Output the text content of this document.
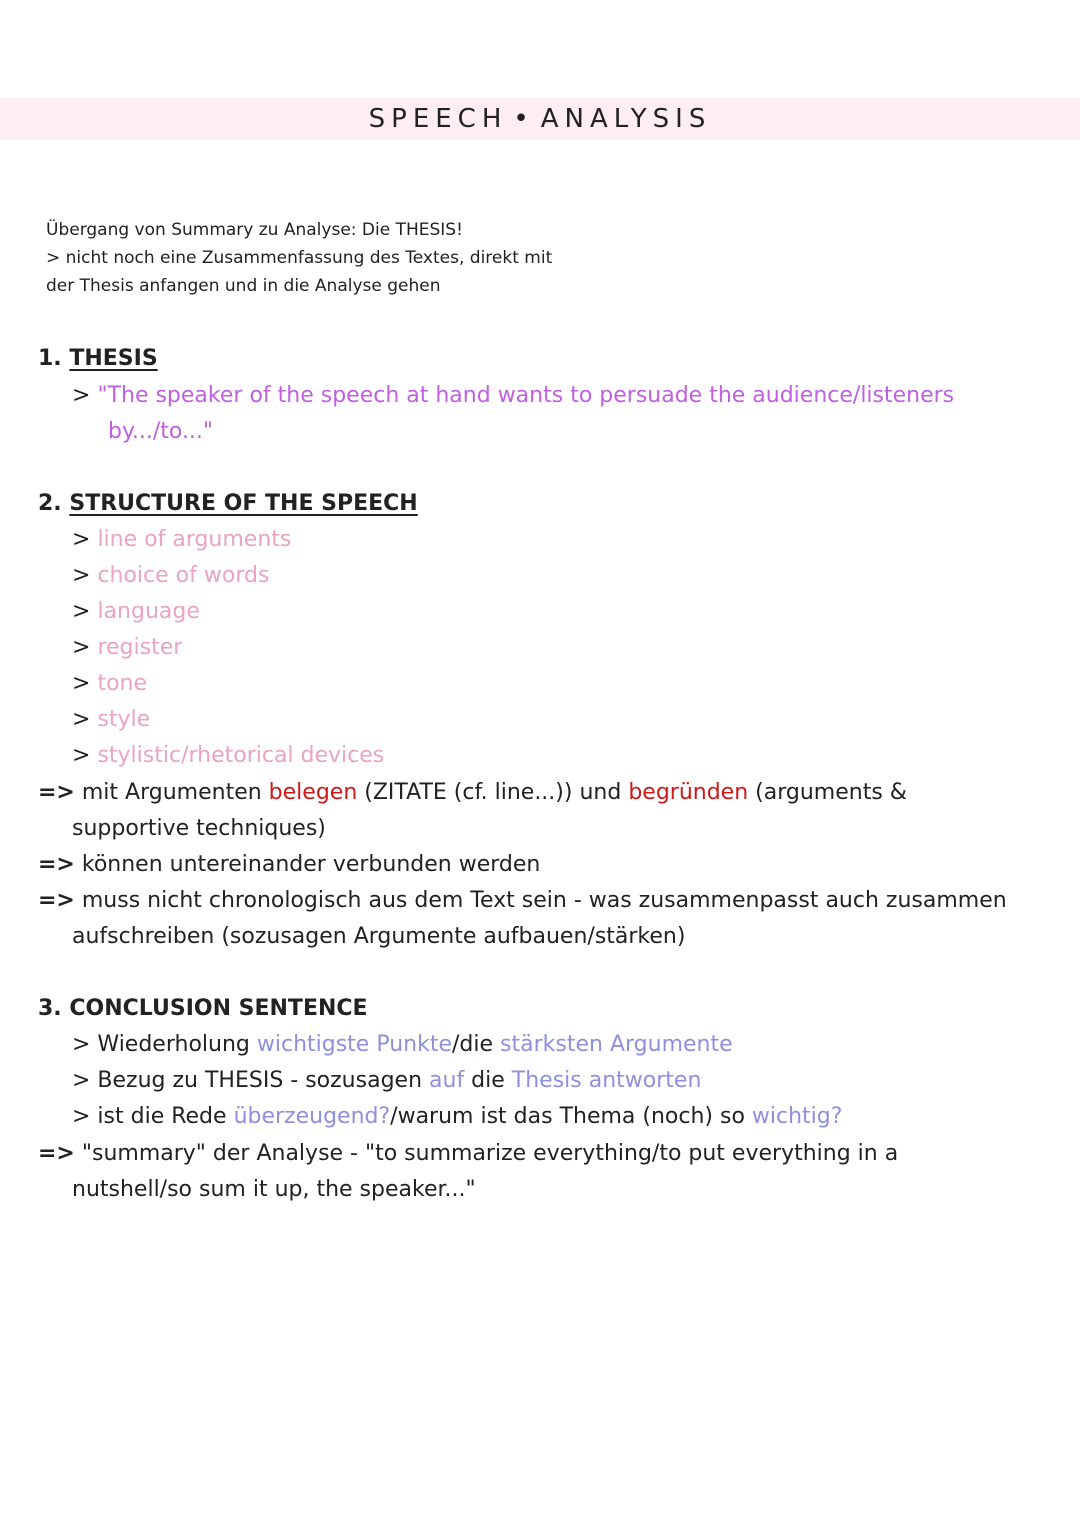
SPEECH • ANALYSIS
Übergang von Summary zu Analyse: Die THESIS!
> nicht noch eine Zusammenfassung des Textes, direkt mit
der Thesis anfangen und in die Analyse gehen
1. THESIS
> "The speaker of the speech at hand wants to persuade the audience/listeners
by.../to..."
2. STRUCTURE OF THE SPEECH
> line of arguments
> choice of words
> language
> register
> tone
> style
> stylistic/rhetorical devices
=> mit Argumenten belegen (ZITATE (cf. line...)) und begründen (arguments &
supportive techniques)
=> können untereinander verbunden werden
=> muss nicht chronologisch aus dem Text sein - was zusammenpasst auch zusammen
aufschreiben (sozusagen Argumente aufbauen/stärken)
3. CONCLUSION SENTENCE
> Wiederholung wichtigste Punkte/die stärksten Argumente
> Bezug zu THESIS - sozusagen auf die Thesis antworten
> ist die Rede überzeugend?/warum ist das Thema (noch) so wichtig?
=> "summary" der Analyse - "to summarize everything/to put everything in a
nutshell/so sum it up, the speaker..."
